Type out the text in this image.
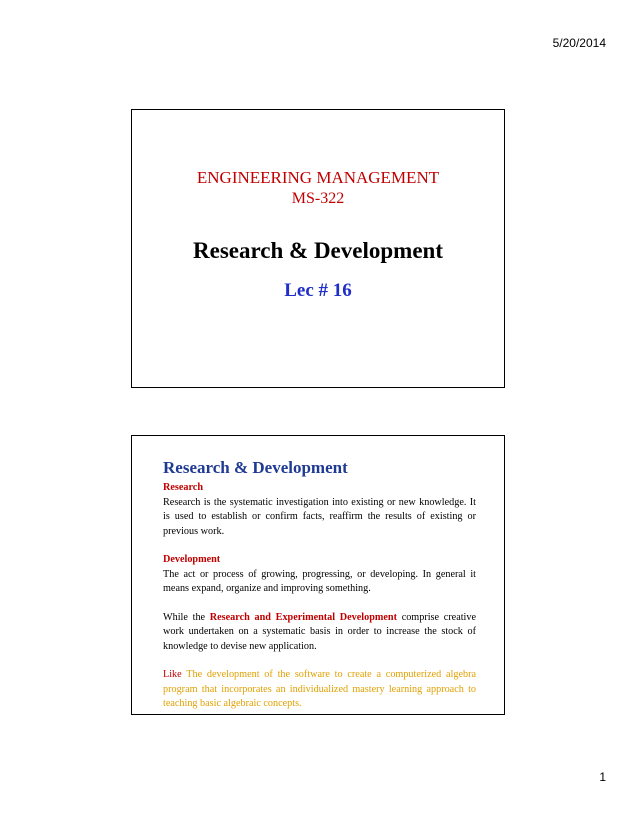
5/20/2014
ENGINEERING MANAGEMENT
MS-322
Research & Development
Lec # 16
Research & Development

Research

Research is the systematic investigation into existing or new knowledge. It is used to establish or confirm facts, reaffirm the results of existing or previous work.

Development

The act or process of growing, progressing, or developing. In general it means expand, organize and improving something.

While the Research and Experimental Development comprise creative work undertaken on a systematic basis in order to increase the stock of knowledge to devise new application.

Like The development of the software to create a computerized algebra program that incorporates an individualized mastery learning approach to teaching basic algebraic concepts.

1
